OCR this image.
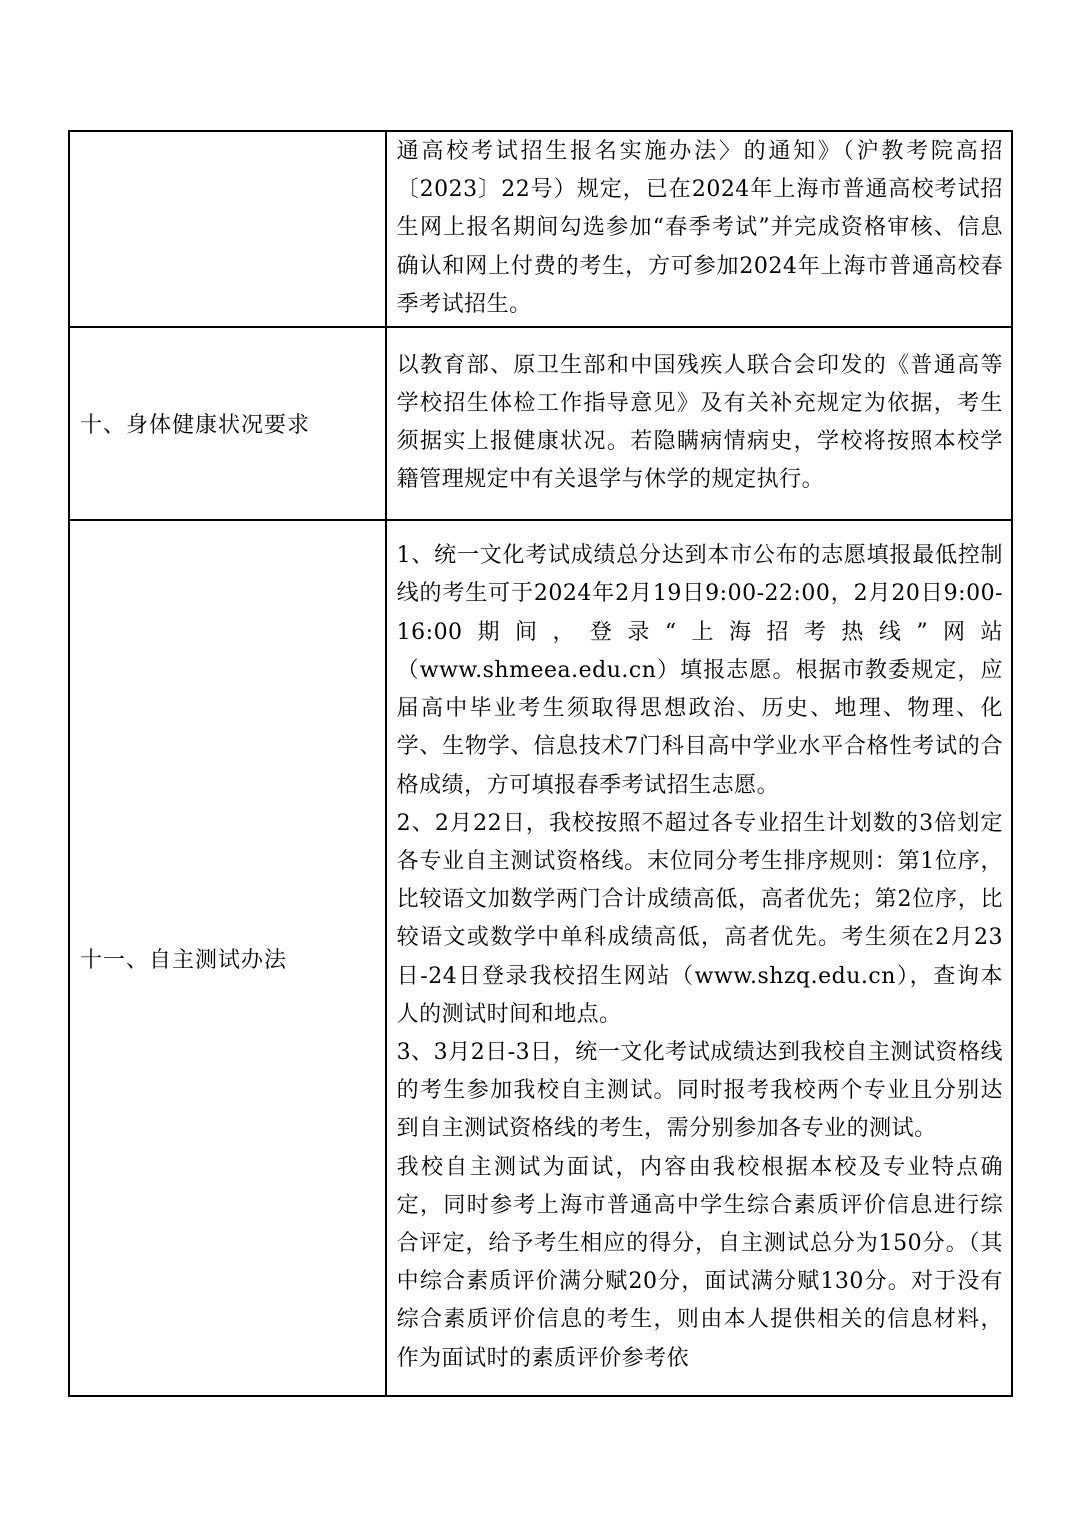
	通高校考试招生报名实施办法〉的通知》（沪教考院高招〔2023〕22号）规定，已在2024年上海市普通高校考试招生网上报名期间勾选参加“春季考试”并完成资格审核、信息确认和网上付费的考生，方可参加2024年上海市普通高校春季考试招生。

十、身体健康状况要求	以教育部、原卫生部和中国残疾人联合会印发的《普通高等学校招生体检工作指导意见》及有关补充规定为依据，考生须据实上报健康状况。若隐瞒病情病史，学校将按照本校学籍管理规定中有关退学与休学的规定执行。

十一、自主测试办法	1、统一文化考试成绩总分达到本市公布的志愿填报最低控制线的考生可于2024年2月19日9:00-22:00，2月20日9:00-16:00期间，登录“上海招考热线”网站（www.shmeea.edu.cn）填报志愿。根据市教委规定，应届高中毕业考生须取得思想政治、历史、地理、物理、化学、生物学、信息技术7门科目高中学业水平合格性考试的合格成绩，方可填报春季考试招生志愿。

2、2月22日，我校按照不超过各专业招生计划数的3倍划定各专业自主测试资格线。末位同分考生排序规则：第1位序，比较语文加数学两门合计成绩高低，高者优先；第2位序，比较语文或数学中单科成绩高低，高者优先。考生须在2月23日-24日登录我校招生网站（www.shzq.edu.cn），查询本人的测试时间和地点。

3、3月2日-3日，统一文化考试成绩达到我校自主测试资格线的考生参加我校自主测试。同时报考我校两个专业且分别达到自主测试资格线的考生，需分别参加各专业的测试。

我校自主测试为面试，内容由我校根据本校及专业特点确定，同时参考上海市普通高中学生综合素质评价信息进行综合评定，给予考生相应的得分，自主测试总分为150分。（其中综合素质评价满分赋20分，面试满分赋130分。对于没有综合素质评价信息的考生，则由本人提供相关的信息材料，作为面试时的素质评价参考依
